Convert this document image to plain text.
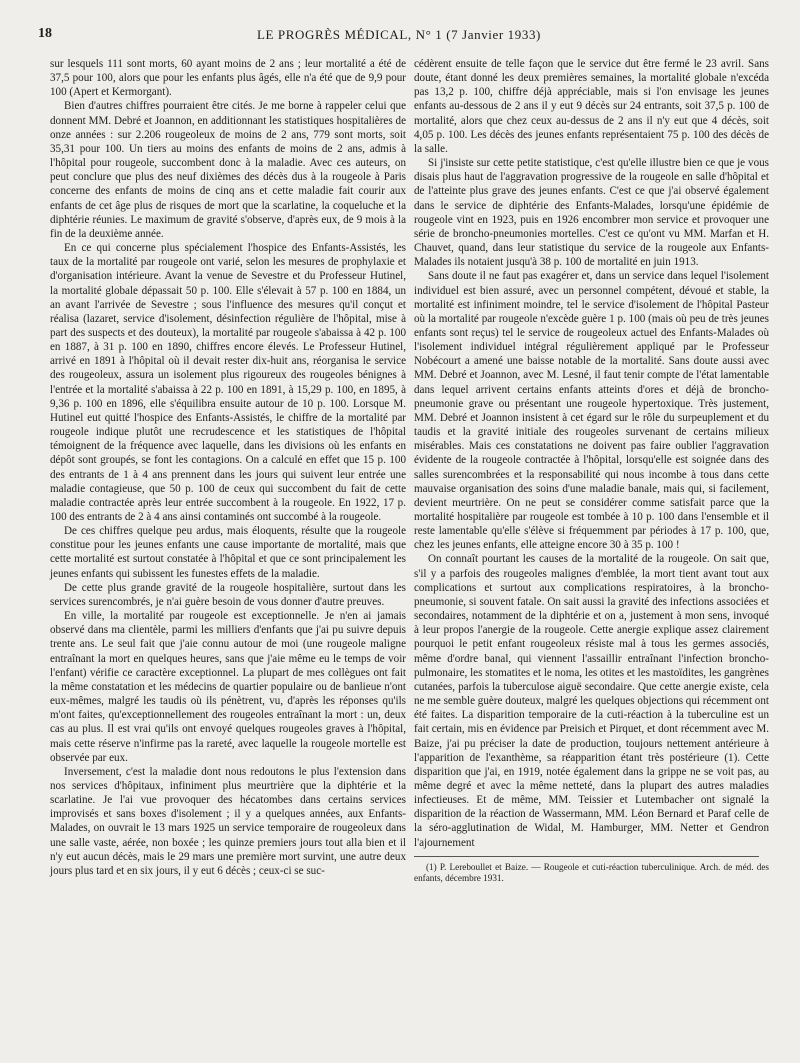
18	LE PROGRÈS MÉDICAL, N° 1 (7 Janvier 1933)

sur lesquels 111 sont morts, 60 ayant moins de 2 ans ; leur mortalité a été de 37,5 pour 100, alors que pour les enfants plus âgés, elle n'a été que de 9,9 pour 100 (Apert et Kermorgant).

Bien d'autres chiffres pourraient être cités. Je me borne à rappeler celui que donnent MM. Debré et Joannon, en additionnant les statistiques hospitalières de onze années : sur 2.206 rougeoleux de moins de 2 ans, 779 sont morts, soit 35,31 pour 100. Un tiers au moins des enfants de moins de 2 ans, admis à l'hôpital pour rougeole, succombent donc à la maladie. Avec ces auteurs, on peut conclure que plus des neuf dixièmes des décès dus à la rougeole à Paris concerne des enfants de moins de cinq ans et cette maladie fait courir aux enfants de cet âge plus de risques de mort que la scarlatine, la coqueluche et la diphtérie réunies. Le maximum de gravité s'observe, d'après eux, de 9 mois à la fin de la deuxième année.

En ce qui concerne plus spécialement l'hospice des Enfants-Assistés, les taux de la mortalité par rougeole ont varié, selon les mesures de prophylaxie et d'organisation intérieure. Avant la venue de Sevestre et du Professeur Hutinel, la mortalité globale dépassait 50 p. 100. Elle s'élevait à 57 p. 100 en 1884, un an avant l'arrivée de Sevestre ; sous l'influence des mesures qu'il conçut et réalisa (lazaret, service d'isolement, désinfection régulière de l'hôpital, mise à part des suspects et des douteux), la mortalité par rougeole s'abaissa à 42 p. 100 en 1887, à 31 p. 100 en 1890, chiffres encore élevés. Le Professeur Hutinel, arrivé en 1891 à l'hôpital où il devait rester dix-huit ans, réorganisa le service des rougeoleux, assura un isolement plus rigoureux des rougeoles bénignes à l'entrée et la mortalité s'abaissa à 22 p. 100 en 1891, à 15,29 p. 100, en 1895, à 9,36 p. 100 en 1896, elle s'équilibra ensuite autour de 10 p. 100. Lorsque M. Hutinel eut quitté l'hospice des Enfants-Assistés, le chiffre de la mortalité par rougeole indique plutôt une recrudescence et les statistiques de l'hôpital témoignent de la fréquence avec laquelle, dans les divisions où les enfants en dépôt sont groupés, se font les contagions. On a calculé en effet que 15 p. 100 des entrants de 1 à 4 ans prennent dans les jours qui suivent leur entrée une maladie contagieuse, que 50 p. 100 de ceux qui succombent du fait de cette maladie contractée après leur entrée succombent à la rougeole. En 1922, 17 p. 100 des entrants de 2 à 4 ans ainsi contaminés ont succombé à la rougeole.

De ces chiffres quelque peu ardus, mais éloquents, résulte que la rougeole constitue pour les jeunes enfants une cause importante de mortalité, mais que cette mortalité est surtout constatée à l'hôpital et que ce sont principalement les jeunes enfants qui subissent les funestes effets de la maladie.

De cette plus grande gravité de la rougeole hospitalière, surtout dans les services surencombrés, je n'ai guère besoin de vous donner d'autre preuves.

En ville, la mortalité par rougeole est exceptionnelle. Je n'en ai jamais observé dans ma clientèle, parmi les milliers d'enfants que j'ai pu suivre depuis trente ans. Le seul fait que j'aie connu autour de moi (une rougeole maligne entraînant la mort en quelques heures, sans que j'aie même eu le temps de voir l'enfant) vérifie ce caractère exceptionnel. La plupart de mes collègues ont fait la même constatation et les médecins de quartier populaire ou de banlieue n'ont eux-mêmes, malgré les taudis où ils pénètrent, vu, d'après les réponses qu'ils m'ont faites, qu'exceptionnellement des rougeoles entraînant la mort : un, deux cas au plus. Il est vrai qu'ils ont envoyé quelques rougeoles graves à l'hôpital, mais cette réserve n'infirme pas la rareté, avec laquelle la rougeole mortelle est observée par eux.

Inversement, c'est la maladie dont nous redoutons le plus l'extension dans nos services d'hôpitaux, infiniment plus meurtrière que la diphtérie et la scarlatine. Je l'ai vue provoquer des hécatombes dans certains services improvisés et sans boxes d'isolement ; il y a quelques années, aux Enfants-Malades, on ouvrait le 13 mars 1925 un service temporaire de rougeoleux dans une salle vaste, aérée, non boxée ; les quinze premiers jours tout alla bien et il n'y eut aucun décès, mais le 29 mars une première mort survint, une autre deux jours plus tard et en six jours, il y eut 6 décès ; ceux-ci se suc-

cédèrent ensuite de telle façon que le service dut être fermé le 23 avril. Sans doute, étant donné les deux premières semaines, la mortalité globale n'excéda pas 13,2 p. 100, chiffre déjà appréciable, mais si l'on envisage les jeunes enfants au-dessous de 2 ans il y eut 9 décès sur 24 entrants, soit 37,5 p. 100 de mortalité, alors que chez ceux au-dessus de 2 ans il n'y eut que 4 décès, soit 4,05 p. 100. Les décès des jeunes enfants représentaient 75 p. 100 des décès de la salle.

Si j'insiste sur cette petite statistique, c'est qu'elle illustre bien ce que je vous disais plus haut de l'aggravation progressive de la rougeole en salle d'hôpital et de l'atteinte plus grave des jeunes enfants. C'est ce que j'ai observé également dans le service de diphtérie des Enfants-Malades, lorsqu'une épidémie de rougeole vint en 1923, puis en 1926 encombrer mon service et provoquer une série de broncho-pneumonies mortelles. C'est ce qu'ont vu MM. Marfan et H. Chauvet, quand, dans leur statistique du service de la rougeole aux Enfants-Malades ils notaient jusqu'à 38 p. 100 de mortalité en juin 1913.

Sans doute il ne faut pas exagérer et, dans un service dans lequel l'isolement individuel est bien assuré, avec un personnel compétent, dévoué et stable, la mortalité est infiniment moindre, tel le service d'isolement de l'hôpital Pasteur où la mortalité par rougeole n'excède guère 1 p. 100 (mais où peu de très jeunes enfants sont reçus) tel le service de rougeoleux actuel des Enfants-Malades où l'isolement individuel intégral régulièrement appliqué par le Professeur Nobécourt a amené une baisse notable de la mortalité. Sans doute aussi avec MM. Debré et Joannon, avec M. Lesné, il faut tenir compte de l'état lamentable dans lequel arrivent certains enfants atteints d'ores et déjà de broncho-pneumonie grave ou présentant une rougeole hypertoxique. Très justement, MM. Debré et Joannon insistent à cet égard sur le rôle du surpeuplement et du taudis et la gravité initiale des rougeoles survenant de certains milieux misérables. Mais ces constatations ne doivent pas faire oublier l'aggravation évidente de la rougeole contractée à l'hôpital, lorsqu'elle est soignée dans des salles surencombrées et la responsabilité qui nous incombe à tous dans cette mauvaise organisation des soins d'une maladie banale, mais qui, si facilement, devient meurtrière. On ne peut se considérer comme satisfait parce que la mortalité hospitalière par rougeole est tombée à 10 p. 100 dans l'ensemble et il reste lamentable qu'elle s'élève si fréquemment par périodes à 17 p. 100, que, chez les jeunes enfants, elle atteigne encore 30 à 35 p. 100 !

On connaît pourtant les causes de la mortalité de la rougeole. On sait que, s'il y a parfois des rougeoles malignes d'emblée, la mort tient avant tout aux complications et surtout aux complications respiratoires, à la broncho-pneumonie, si souvent fatale. On sait aussi la gravité des infections associées et secondaires, notamment de la diphtérie et on a, justement à mon sens, invoqué à leur propos l'anergie de la rougeole. Cette anergie explique assez clairement pourquoi le petit enfant rougeoleux résiste mal à tous les germes associés, même d'ordre banal, qui viennent l'assaillir entraînant l'infection broncho-pulmonaire, les stomatites et le noma, les otites et les mastoïdites, les gangrènes cutanées, parfois la tuberculose aiguë secondaire. Que cette anergie existe, cela ne me semble guère douteux, malgré les quelques objections qui récemment ont été faites. La disparition temporaire de la cuti-réaction à la tuberculine est un fait certain, mis en évidence par Preisich et Pirquet, et dont récemment avec M. Baize, j'ai pu préciser la date de production, toujours nettement antérieure à l'apparition de l'exanthème, sa réapparition étant très postérieure (1). Cette disparition que j'ai, en 1919, notée également dans la grippe ne se voit pas, au même degré et avec la même netteté, dans la plupart des autres maladies infectieuses. Et de même, MM. Teissier et Lutembacher ont signalé la disparition de la réaction de Wassermann, MM. Léon Bernard et Paraf celle de la séro-agglutination de Widal, M. Hamburger, MM. Netter et Gendron l'ajournement

(1) P. Lereboullet et Baize. — Rougeole et cuti-réaction tuberculinique. Arch. de méd. des enfants, décembre 1931.
